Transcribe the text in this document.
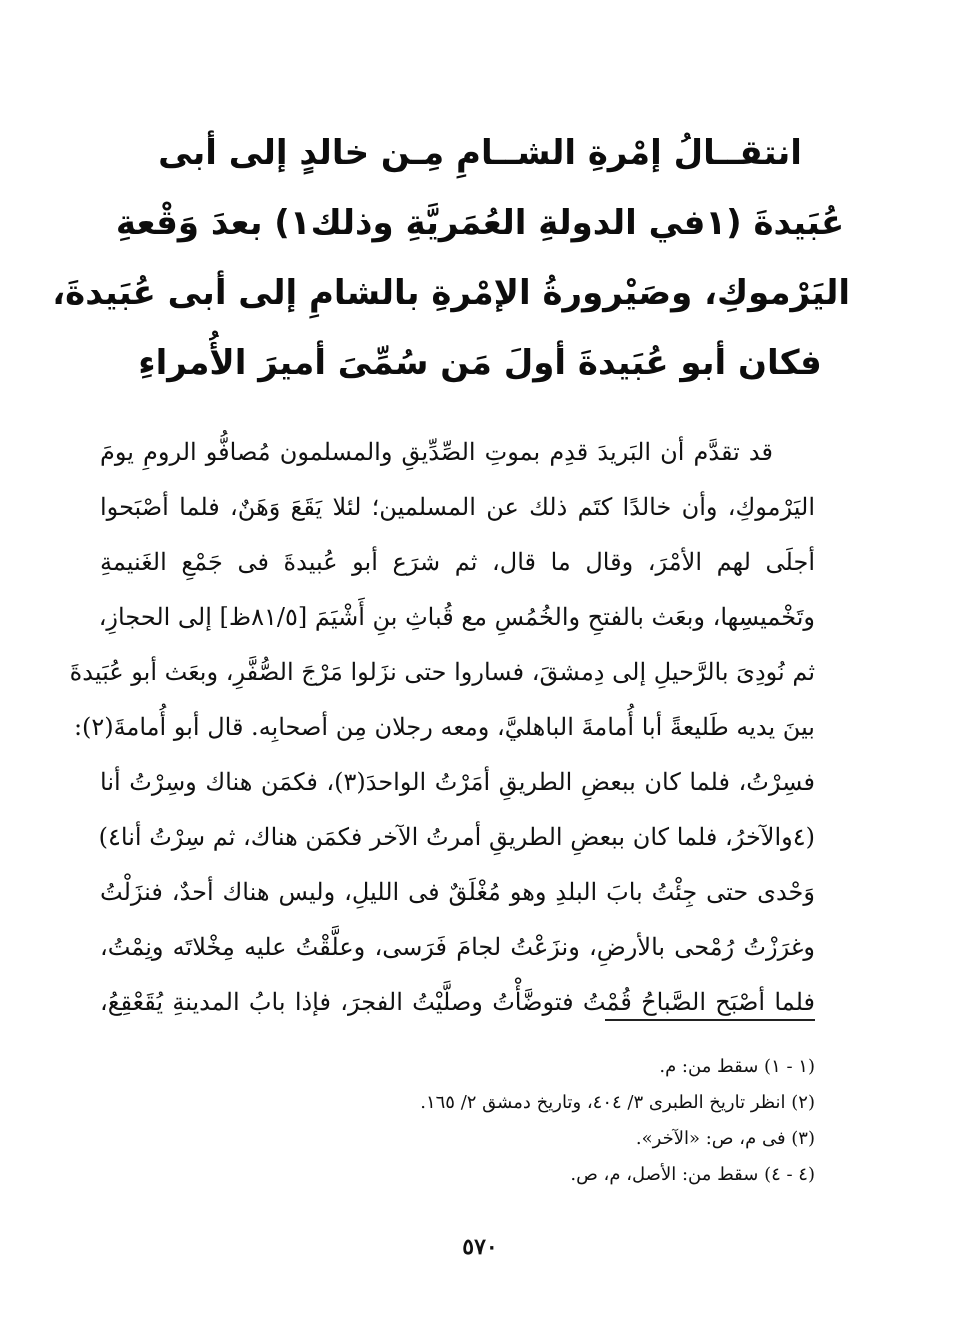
انتقــالُ إمْرةِ الشــامِ مِـن خالدٍ إلى أبى
عُبَيدةَ (١في الدولةِ العُمَريَّةِ وذلك١) بعدَ وَقْعةِ
اليَرْموكِ، وصَيْرورةُ الإمْرةِ بالشامِ إلى أبى عُبَيدةَ،
فكان أبو عُبَيدةَ أولَ مَن سُمِّىَ أميرَ الأُمراءِ
قد تقدَّم أن البَريدَ قدِم بموتِ الصِّدِّيقِ والمسلمون مُصافُّو الرومِ يومَ
اليَرْموكِ، وأن خالدًا كتَم ذلك عن المسلمين؛ لئلا يَقَعَ وَهَنٌ، فلما أصْبَحوا
أجلَى لهم الأمْرَ، وقال ما قال، ثم شرَع أبو عُبيدةَ فى جَمْعِ الغَنيمةِ
وتَخْميسِها، وبعَث بالفتحِ والخُمُسِ مع قُباثِ بنِ أَشْيَمَ [٨١/٥ظ] إلى الحجازِ،
ثم نُودِىَ بالرَّحيلِ إلى دِمشقَ، فساروا حتى نزَلوا مَرْجَ الصُّفَّرِ، وبعَث أبو عُبَيدةَ
بينَ يديه طَليعةً أبا أُمامةَ الباهليَّ، ومعه رجلان مِن أصحابِه. قال أبو أُمامةَ(٢):
فسِرْتُ، فلما كان ببعضِ الطريقِ أمَرْتُ الواحدَ(٣)، فكمَن هناك وسِرْتُ أنا
(٤والآخرُ، فلما كان ببعضِ الطريقِ أمرتُ الآخر فكمَن هناك، ثم سِرْتُ أنا٤)
وَحْدى حتى جِئْتُ بابَ البلدِ وهو مُغْلَقٌ فى الليلِ، وليس هناك أحدٌ، فنزَلْتُ
وغرَزْتُ رُمْحى بالأرضِ، ونزَعْتُ لجامَ فَرَسى، وعلَّقْتُ عليه مِخْلاتَه ونِمْتُ،
فلما أصْبَح الصَّباحُ قُمْتُ فتوضَّأْتُ وصلَّيْتُ الفجرَ، فإذا بابُ المدينةِ يُقَعْقِعُ،
(١ - ١) سقط من: م.
(٢) انظر تاريخ الطبرى ٣/ ٤٠٤، وتاريخ دمشق ٢/ ١٦٥.
(٣) فى م، ص: «الآخر».
(٤ - ٤) سقط من: الأصل، م، ص.
٥٧٠
